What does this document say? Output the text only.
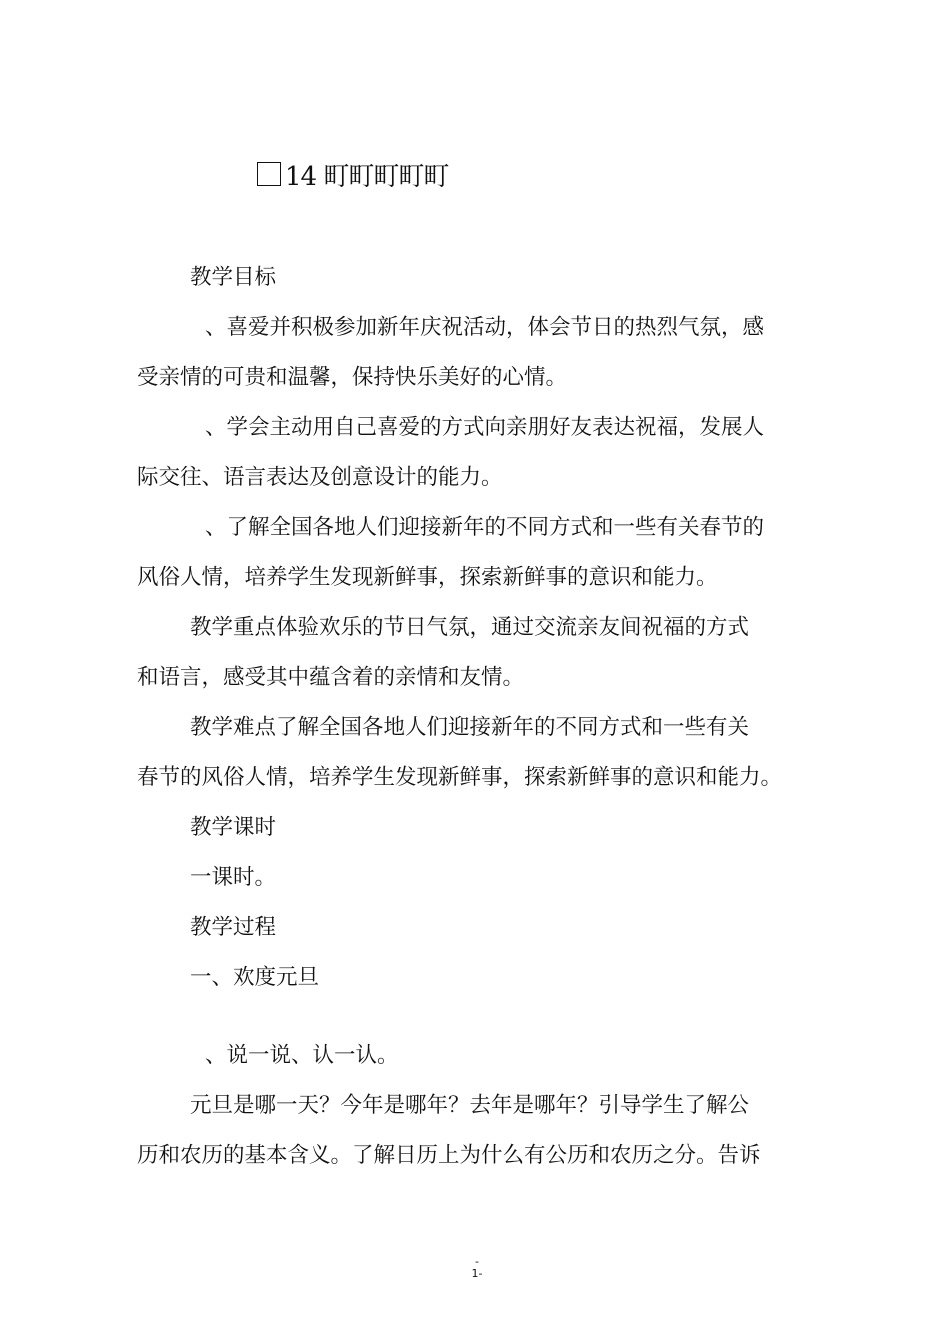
14 町町町町町
教学目标
、喜爱并积极参加新年庆祝活动，体会节日的热烈气氛，感
受亲情的可贵和温馨，保持快乐美好的心情。
、学会主动用自己喜爱的方式向亲朋好友表达祝福，发展人
际交往、语言表达及创意设计的能力。
、了解全国各地人们迎接新年的不同方式和一些有关春节的
风俗人情，培养学生发现新鲜事，探索新鲜事的意识和能力。
教学重点体验欢乐的节日气氛，通过交流亲友间祝福的方式
和语言，感受其中蕴含着的亲情和友情。
教学难点了解全国各地人们迎接新年的不同方式和一些有关
春节的风俗人情，培养学生发现新鲜事，探索新鲜事的意识和能力。
教学课时
一课时。
教学过程
一、欢度元旦
、说一说、认一认。
元旦是哪一天？今年是哪年？去年是哪年？引导学生了解公
历和农历的基本含义。了解日历上为什么有公历和农历之分。告诉
-
1-
